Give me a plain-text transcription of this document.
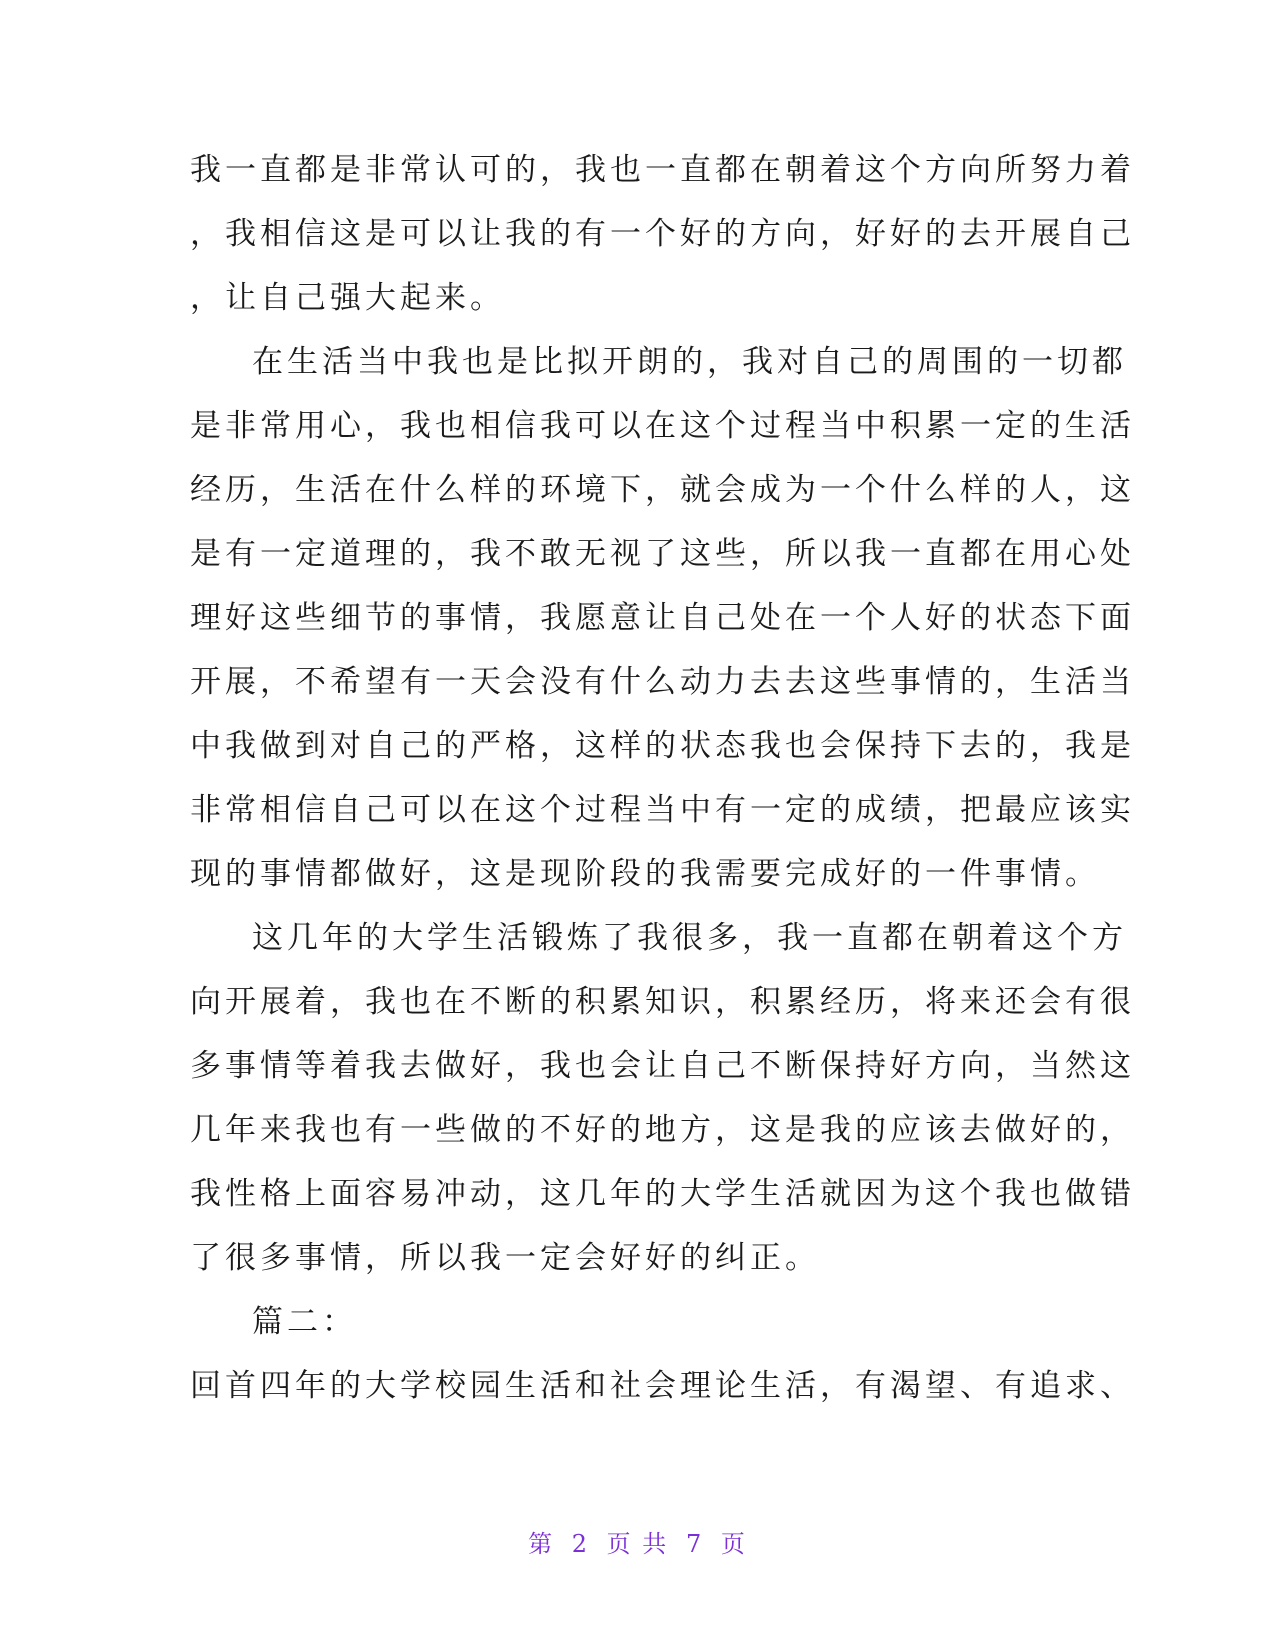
我一直都是非常认可的，我也一直都在朝着这个方向所努力着
，我相信这是可以让我的有一个好的方向，好好的去开展自己
，让自己强大起来。
在生活当中我也是比拟开朗的，我对自己的周围的一切都
是非常用心，我也相信我可以在这个过程当中积累一定的生活
经历，生活在什么样的环境下，就会成为一个什么样的人，这
是有一定道理的，我不敢无视了这些，所以我一直都在用心处
理好这些细节的事情，我愿意让自己处在一个人好的状态下面
开展，不希望有一天会没有什么动力去去这些事情的，生活当
中我做到对自己的严格，这样的状态我也会保持下去的，我是
非常相信自己可以在这个过程当中有一定的成绩，把最应该实
现的事情都做好，这是现阶段的我需要完成好的一件事情。
这几年的大学生活锻炼了我很多，我一直都在朝着这个方
向开展着，我也在不断的积累知识，积累经历，将来还会有很
多事情等着我去做好，我也会让自己不断保持好方向，当然这
几年来我也有一些做的不好的地方，这是我的应该去做好的，
我性格上面容易冲动，这几年的大学生活就因为这个我也做错
了很多事情，所以我一定会好好的纠正。
篇二：
回首四年的大学校园生活和社会理论生活，有渴望、有追求、
第 2 页 共 7 页
